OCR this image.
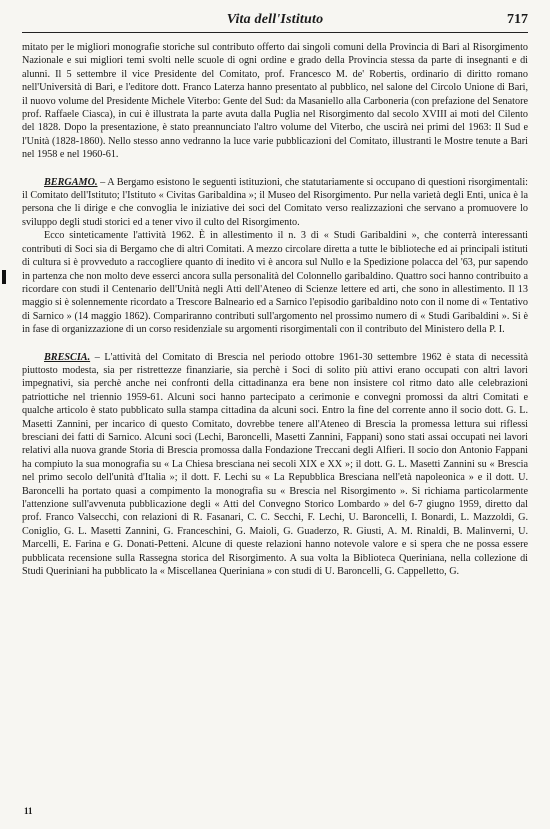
Vita dell'Istituto	717

mitato per le migliori monografie storiche sul contributo offerto dai singoli comuni della Provincia di Bari al Risorgimento Nazionale e sui migliori temi svolti nelle scuole di ogni ordine e grado della Provincia stessa da parte di insegnanti e di alunni. Il 5 settembre il vice Presidente del Comitato, prof. Francesco M. de' Robertis, ordinario di diritto romano nell'Università di Bari, e l'editore dott. Franco Laterza hanno presentato al pubblico, nel salone del Circolo Unione di Bari, il nuovo volume del Presidente Michele Viterbo: Gente del Sud: da Masaniello alla Carboneria (con prefazione del Senatore prof. Raffaele Ciasca), in cui è illustrata la parte avuta dalla Puglia nel Risorgimento dal secolo XVIII ai moti del Cilento del 1828. Dopo la presentazione, è stato preannunciato l'altro volume del Viterbo, che uscirà nei primi del 1963: Il Sud e l'Unità (1828-1860). Nello stesso anno vedranno la luce varie pubblicazioni del Comitato, illustranti le Mostre tenute a Bari nel 1958 e nel 1960-61.

BERGAMO. – A Bergamo esistono le seguenti istituzioni, che statutariamente si occupano di questioni risorgimentali: il Comitato dell'Istituto; l'Istituto « Civitas Garibaldina »; il Museo del Risorgimento. Pur nella varietà degli Enti, unica è la persona che li dirige e che convoglia le iniziative dei soci del Comitato verso realizzazioni che servano a promuovere lo sviluppo degli studi storici ed a tener vivo il culto del Risorgimento.

Ecco sinteticamente l'attività 1962. È in allestimento il n. 3 di « Studi Garibaldini », che conterrà interessanti contributi di Soci sia di Bergamo che di altri Comitati. A mezzo circolare diretta a tutte le biblioteche ed ai principali istituti di cultura si è provveduto a raccogliere quanto di inedito vi è ancora sul Nullo e la Spedizione polacca del '63, pur sapendo in partenza che non molto deve esserci ancora sulla personalità del Colonnello garibaldino. Quattro soci hanno contribuito a ricordare con studi il Centenario dell'Unità negli Atti dell'Ateneo di Scienze lettere ed arti, che sono in allestimento. Il 13 maggio si è solennemente ricordato a Trescore Balneario ed a Sarnico l'episodio garibaldino noto con il nome di « Tentativo di Sarnico » (14 maggio 1862). Compariranno contributi sull'argomento nel prossimo numero di « Studi Garibaldini ». Si è in fase di organizzazione di un corso residenziale su argomenti risorgimentali con il contributo del Ministero della P. I.

BRESCIA. – L'attività del Comitato di Brescia nel periodo ottobre 1961-30 settembre 1962 è stata di necessità piuttosto modesta, sia per ristrettezze finanziarie, sia perchè i Soci di solito più attivi erano occupati con altri lavori impegnativi, sia perchè anche nei confronti della cittadinanza era bene non insistere col ritmo dato alle celebrazioni patriottiche nel triennio 1959-61. Alcuni soci hanno partecipato a cerimonie e convegni promossi da altri Comitati e qualche articolo è stato pubblicato sulla stampa cittadina da alcuni soci. Entro la fine del corrente anno il socio dott. G. L. Masetti Zannini, per incarico di questo Comitato, dovrebbe tenere all'Ateneo di Brescia la promessa lettura sui riflessi bresciani dei fatti di Sarnico. Alcuni soci (Lechi, Baroncelli, Masetti Zannini, Fappani) sono stati assai occupati nei lavori relativi alla nuova grande Storia di Brescia promossa dalla Fondazione Treccani degli Alfieri. Il socio don Antonio Fappani ha compiuto la sua monografia su « La Chiesa bresciana nei secoli XIX e XX »; il dott. G. L. Masetti Zannini su « Brescia nel primo secolo dell'unità d'Italia »; il dott. F. Lechi su « La Repubblica Bresciana nell'età napoleonica » e il dott. U. Baroncelli ha portato quasi a compimento la monografia su « Brescia nel Risorgimento ». Si richiama particolarmente l'attenzione sull'avvenuta pubblicazione degli « Atti del Convegno Storico Lombardo » del 6-7 giugno 1959, diretto dal prof. Franco Valsecchi, con relazioni di R. Fasanari, C. C. Secchi, F. Lechi, U. Baroncelli, I. Bonardi, L. Mazzoldi, G. Coniglio, G. L. Masetti Zannini, G. Franceschini, G. Maioli, G. Guaderzo, R. Giusti, A. M. Rinaldi, B. Malinverni, U. Marcelli, E. Farina e G. Donati-Petteni. Alcune di queste relazioni hanno notevole valore e si spera che ne possa essere pubblicata recensione sulla Rassegna storica del Risorgimento. A sua volta la Biblioteca Queriniana, nella collezione di Studi Queriniani ha pubblicato la « Miscellanea Queriniana » con studi di U. Baroncelli, G. Cappelletto, G.

11
